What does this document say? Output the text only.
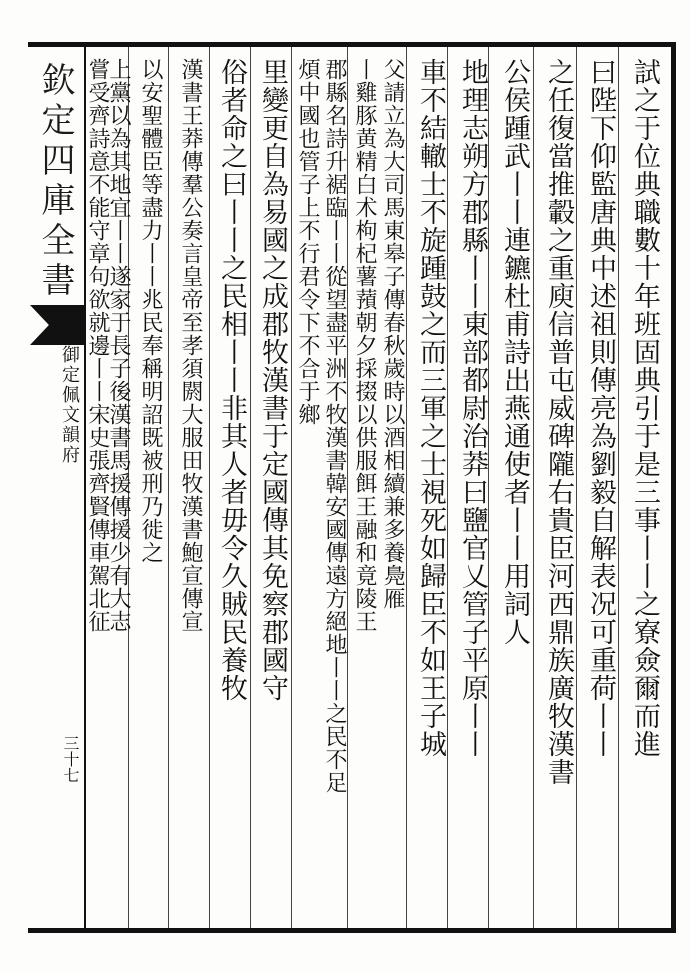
欽定四庫全書
御定佩文韻府
三十七
試之于位典職數十年班固典引于是三事丨丨之寮僉爾而進
曰陛下仰監唐典中述祖則傳亮為劉毅自解表况可重荷丨丨
之任復當推轂之重庾信普屯威碑隴右貴臣河西鼎族廣牧漢書
公侯踵武丨丨連鑣杜甫詩出燕通使者丨丨用詞人
地理志朔方郡縣丨丨東部都尉治莽曰鹽官乂管子平原丨丨
車不結轍士不旋踵鼓之而三軍之士視死如歸臣不如王子城
父請立為大司馬東皋子傳春秋歲時以酒相續兼多養鳧雁
丨雞豚黄精白术枸杞薯蕷朝夕採掇以供服餌王融和竟陵王
郡縣名詩升裾臨丨丨從望盡平洲不牧漢書韓安國傳遠方絕地丨丨之民不足
煩中國也管子上不行君令下不合于鄉
里變更自為易國之成郡牧漢書于定國傳其免察郡國守
俗者命之曰丨丨之民相丨丨非其人者毋令久賊民養牧
漢書王莽傳羣公奏言皇帝至孝須閼大服田牧漢書鮑宣傳宣
以安聖體臣等盡力丨丨兆民奉稱明詔既被刑乃徙之
上黨以為其地宜丨丨遂家于長子後漢書馬援傳援少有大志
嘗受齊詩意不能守章句欲就邊丨丨宋史張齊賢傳車駕北征
